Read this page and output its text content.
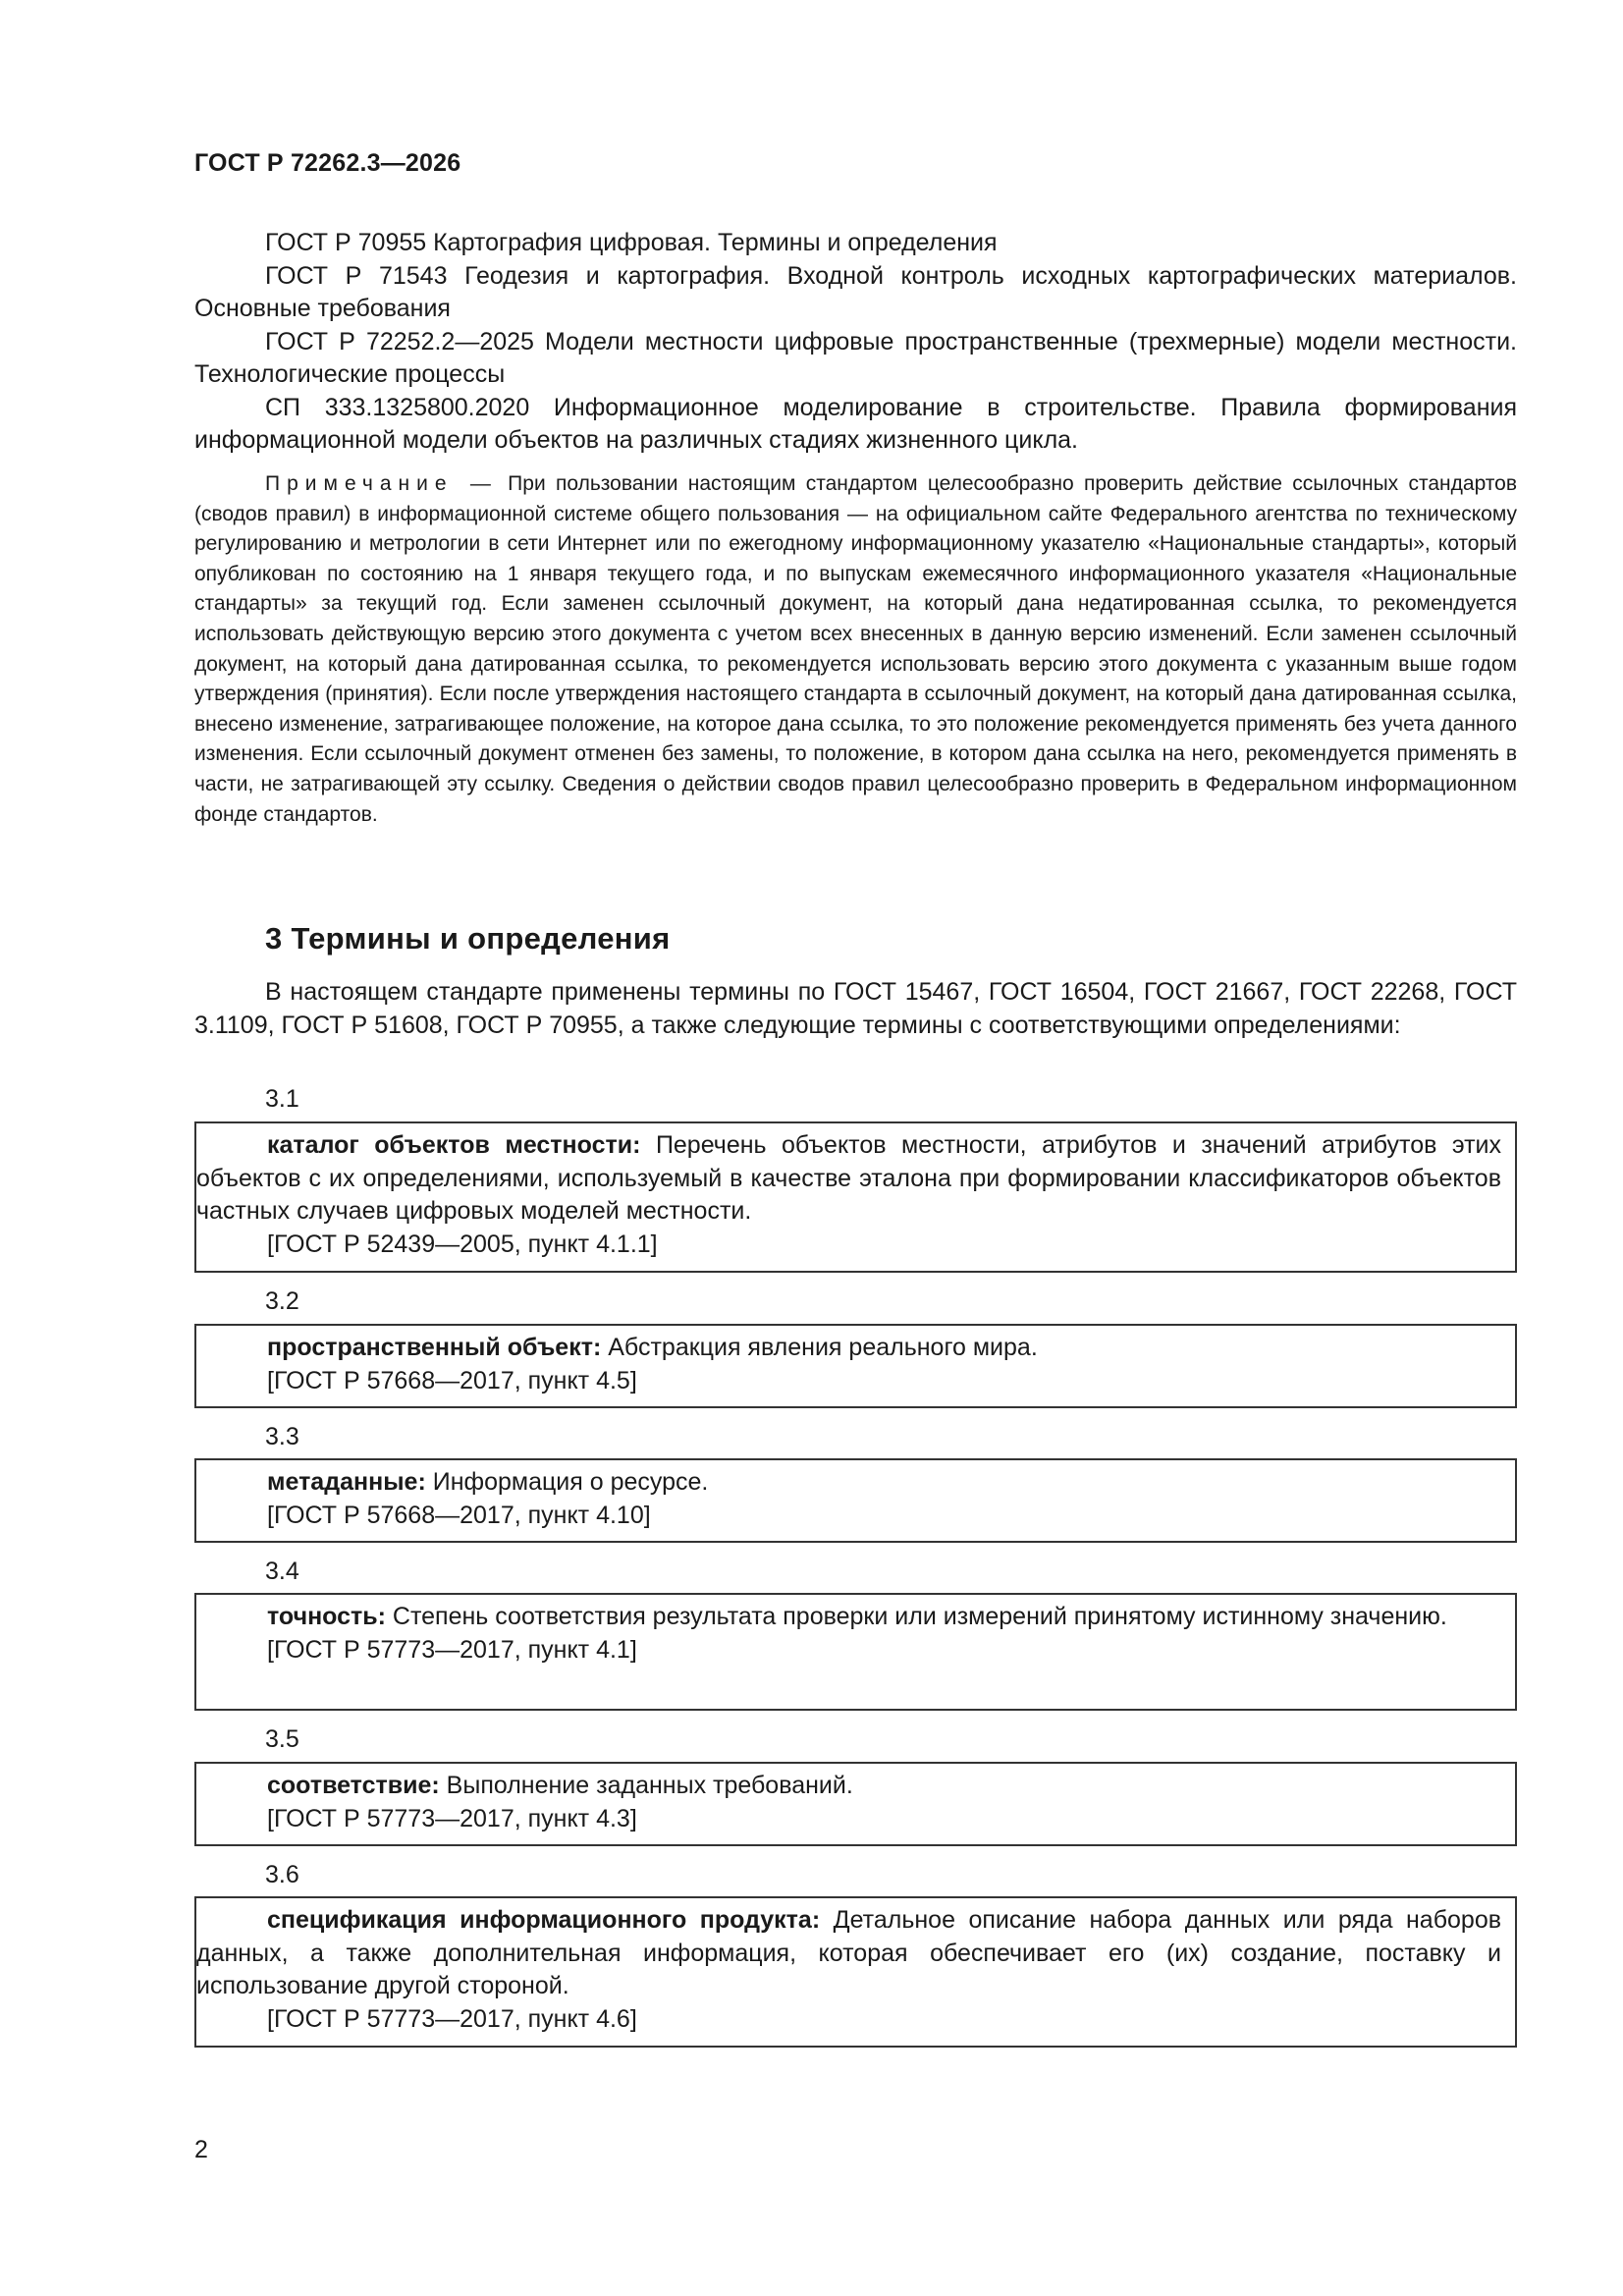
ГОСТ Р 72262.3—2026

ГОСТ Р 70955 Картография цифровая. Термины и определения

ГОСТ Р 71543 Геодезия и картография. Входной контроль исходных картографических материалов. Основные требования

ГОСТ Р 72252.2—2025 Модели местности цифровые пространственные (трехмерные) модели местности. Технологические процессы

СП 333.1325800.2020 Информационное моделирование в строительстве. Правила формирования информационной модели объектов на различных стадиях жизненного цикла.

Примечание — При пользовании настоящим стандартом целесообразно проверить действие ссылочных стандартов (сводов правил) в информационной системе общего пользования — на официальном сайте Федерального агентства по техническому регулированию и метрологии в сети Интернет или по ежегодному информационному указателю «Национальные стандарты», который опубликован по состоянию на 1 января текущего года, и по выпускам ежемесячного информационного указателя «Национальные стандарты» за текущий год. Если заменен ссылочный документ, на который дана недатированная ссылка, то рекомендуется использовать действующую версию этого документа с учетом всех внесенных в данную версию изменений. Если заменен ссылочный документ, на который дана датированная ссылка, то рекомендуется использовать версию этого документа с указанным выше годом утверждения (принятия). Если после утверждения настоящего стандарта в ссылочный документ, на который дана датированная ссылка, внесено изменение, затрагивающее положение, на которое дана ссылка, то это положение рекомендуется применять без учета данного изменения. Если ссылочный документ отменен без замены, то положение, в котором дана ссылка на него, рекомендуется применять в части, не затрагивающей эту ссылку. Сведения о действии сводов правил целесообразно проверить в Федеральном информационном фонде стандартов.
3 Термины и определения
В настоящем стандарте применены термины по ГОСТ 15467, ГОСТ 16504, ГОСТ 21667, ГОСТ 22268, ГОСТ 3.1109, ГОСТ Р 51608, ГОСТ Р 70955, а также следующие термины с соответствующими определениями:
3.1

каталог объектов местности: Перечень объектов местности, атрибутов и значений атрибутов этих объектов с их определениями, используемый в качестве эталона при формировании классификаторов объектов частных случаев цифровых моделей местности.

[ГОСТ Р 52439—2005, пункт 4.1.1]

3.2

пространственный объект: Абстракция явления реального мира.

[ГОСТ Р 57668—2017, пункт 4.5]

3.3

метаданные: Информация о ресурсе.

[ГОСТ Р 57668—2017, пункт 4.10]

3.4

точность: Степень соответствия результата проверки или измерений принятому истинному значению.

[ГОСТ Р 57773—2017, пункт 4.1]

3.5

соответствие: Выполнение заданных требований.

[ГОСТ Р 57773—2017, пункт 4.3]

3.6

спецификация информационного продукта: Детальное описание набора данных или ряда наборов данных, а также дополнительная информация, которая обеспечивает его (их) создание, поставку и использование другой стороной.

[ГОСТ Р 57773—2017, пункт 4.6]

2
